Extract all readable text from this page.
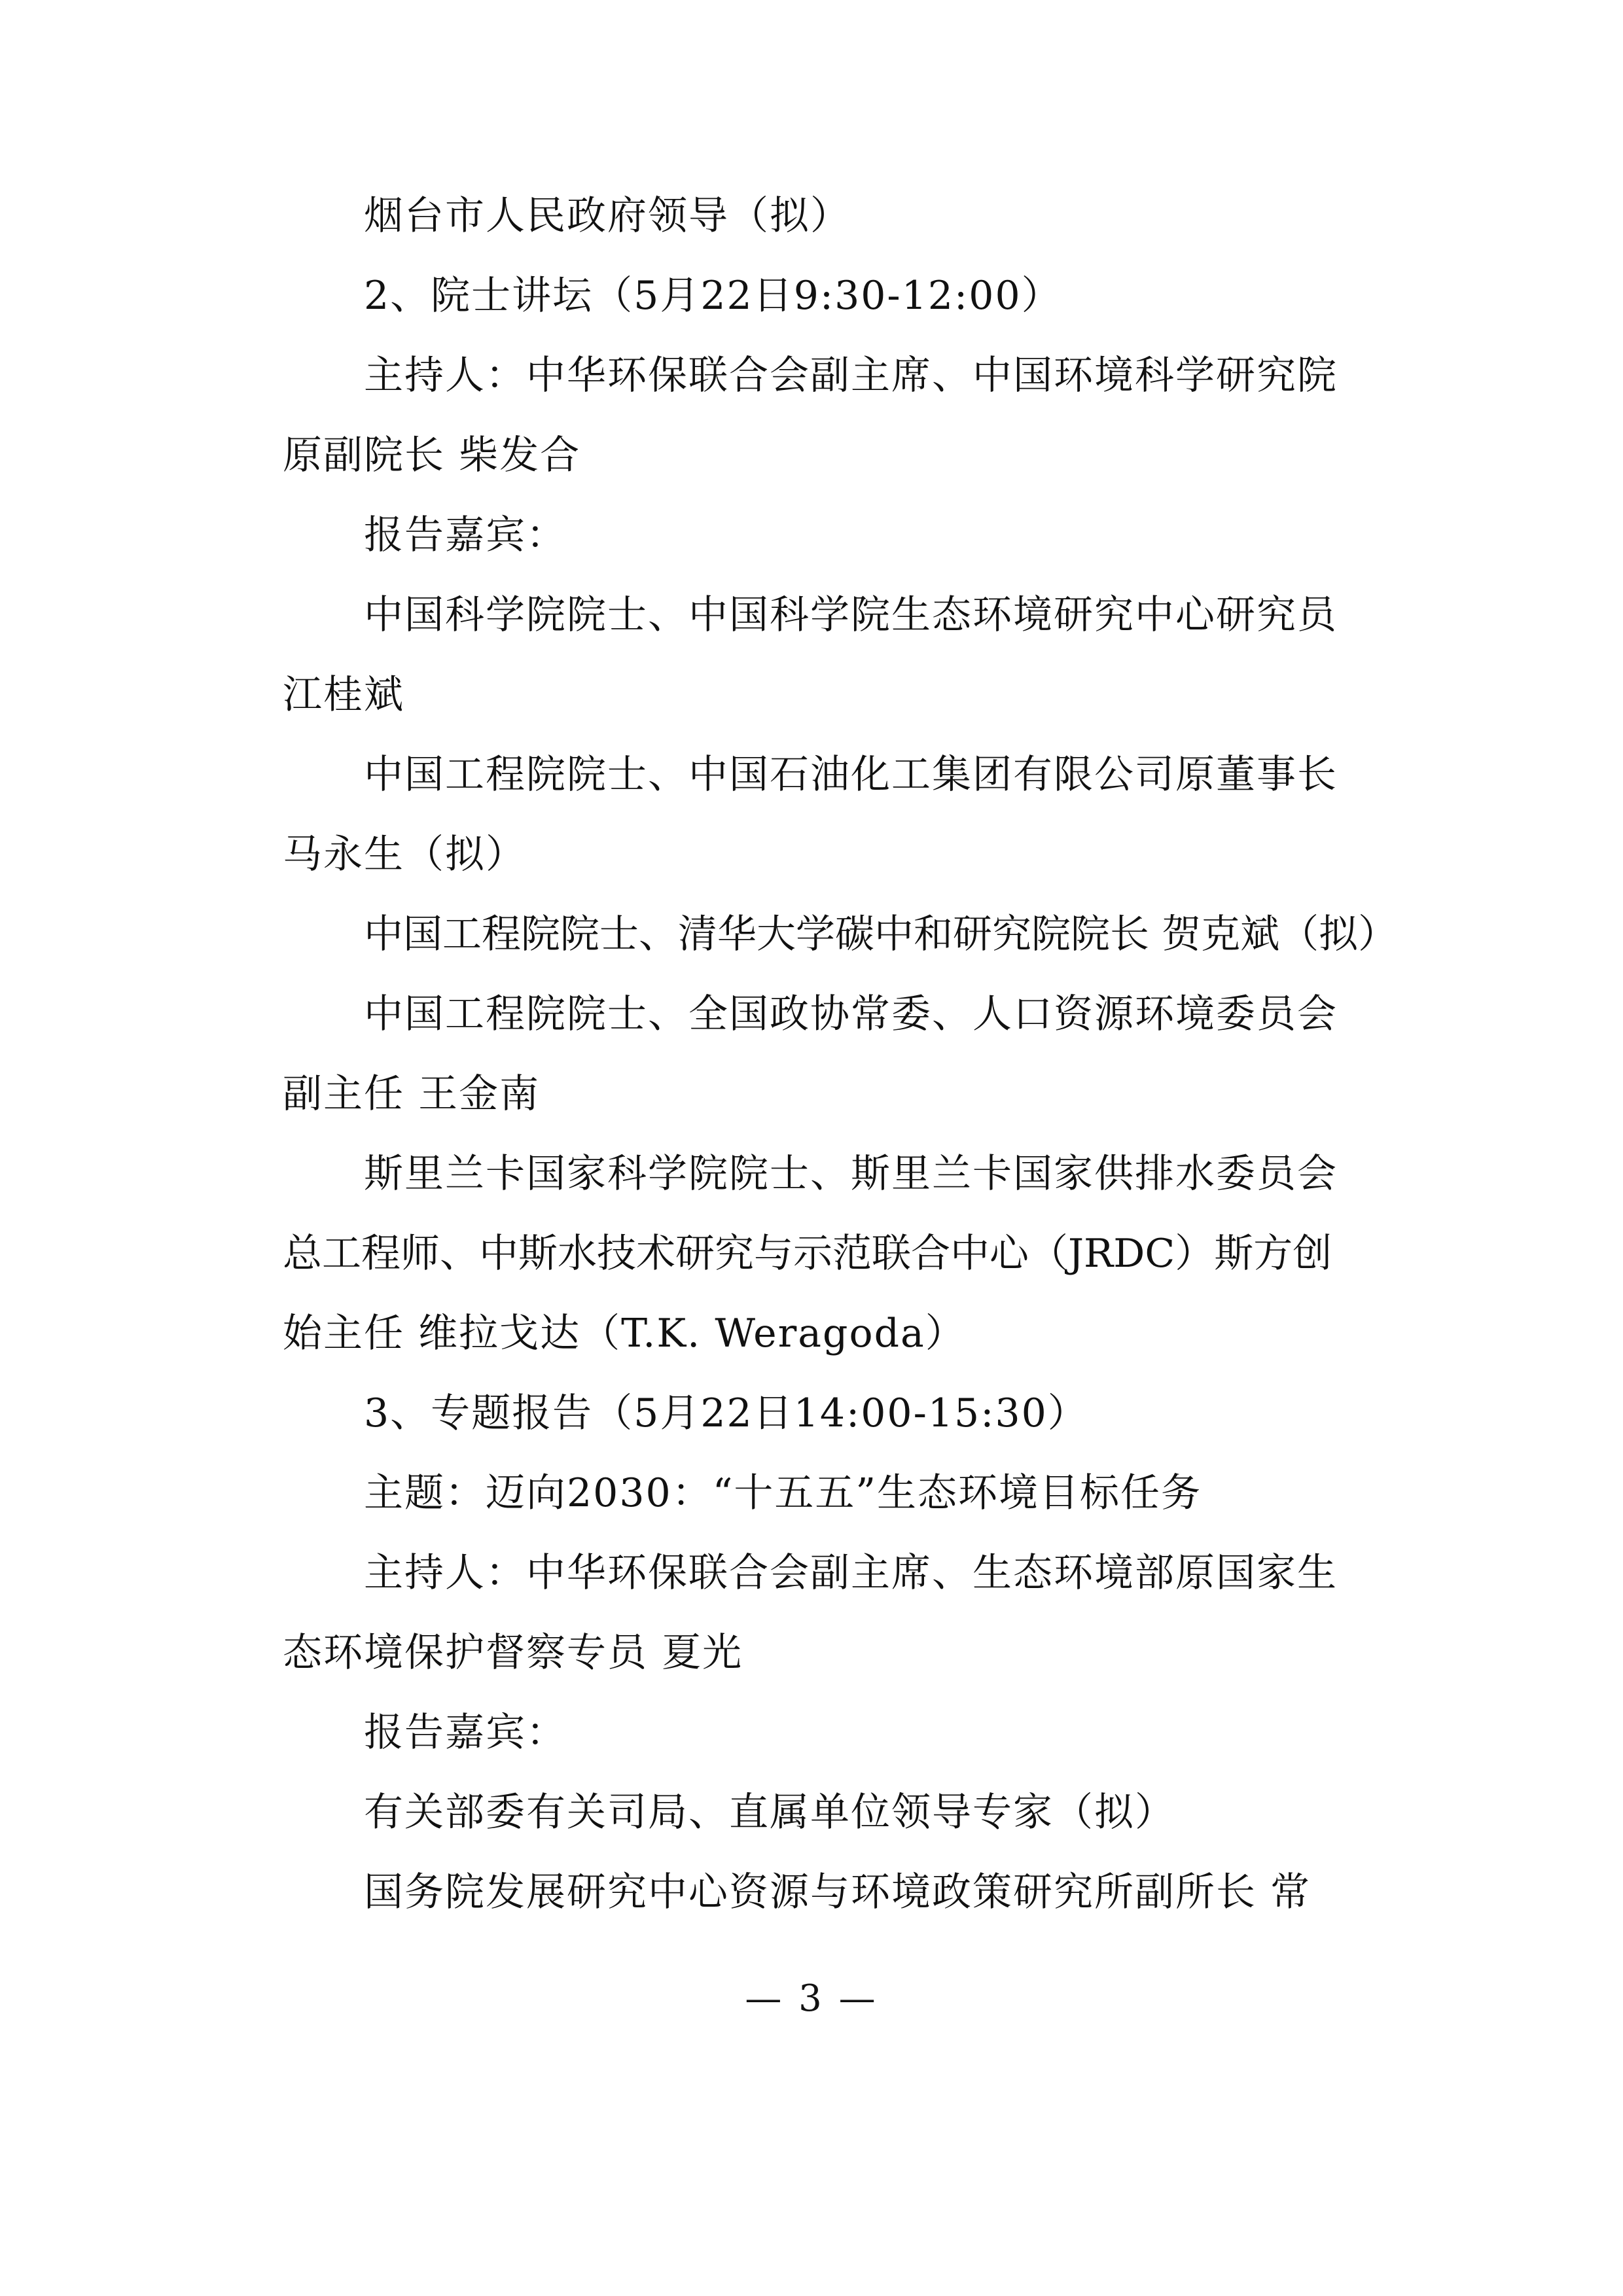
烟台市人民政府领导（拟）
2、院士讲坛（5月22日9:30-12:00）
主持人：中华环保联合会副主席、中国环境科学研究院
原副院长 柴发合
报告嘉宾：
中国科学院院士、中国科学院生态环境研究中心研究员
江桂斌
中国工程院院士、中国石油化工集团有限公司原董事长
马永生（拟）
中国工程院院士、清华大学碳中和研究院院长 贺克斌（拟）
中国工程院院士、全国政协常委、人口资源环境委员会
副主任 王金南
斯里兰卡国家科学院院士、斯里兰卡国家供排水委员会
总工程师、中斯水技术研究与示范联合中心（JRDC）斯方创
始主任 维拉戈达（T.K. Weragoda）
3、专题报告（5月22日14:00-15:30）
主题：迈向2030：“十五五”生态环境目标任务
主持人：中华环保联合会副主席、生态环境部原国家生
态环境保护督察专员 夏光
报告嘉宾：
有关部委有关司局、直属单位领导专家（拟）
国务院发展研究中心资源与环境政策研究所副所长 常
— 3 —
